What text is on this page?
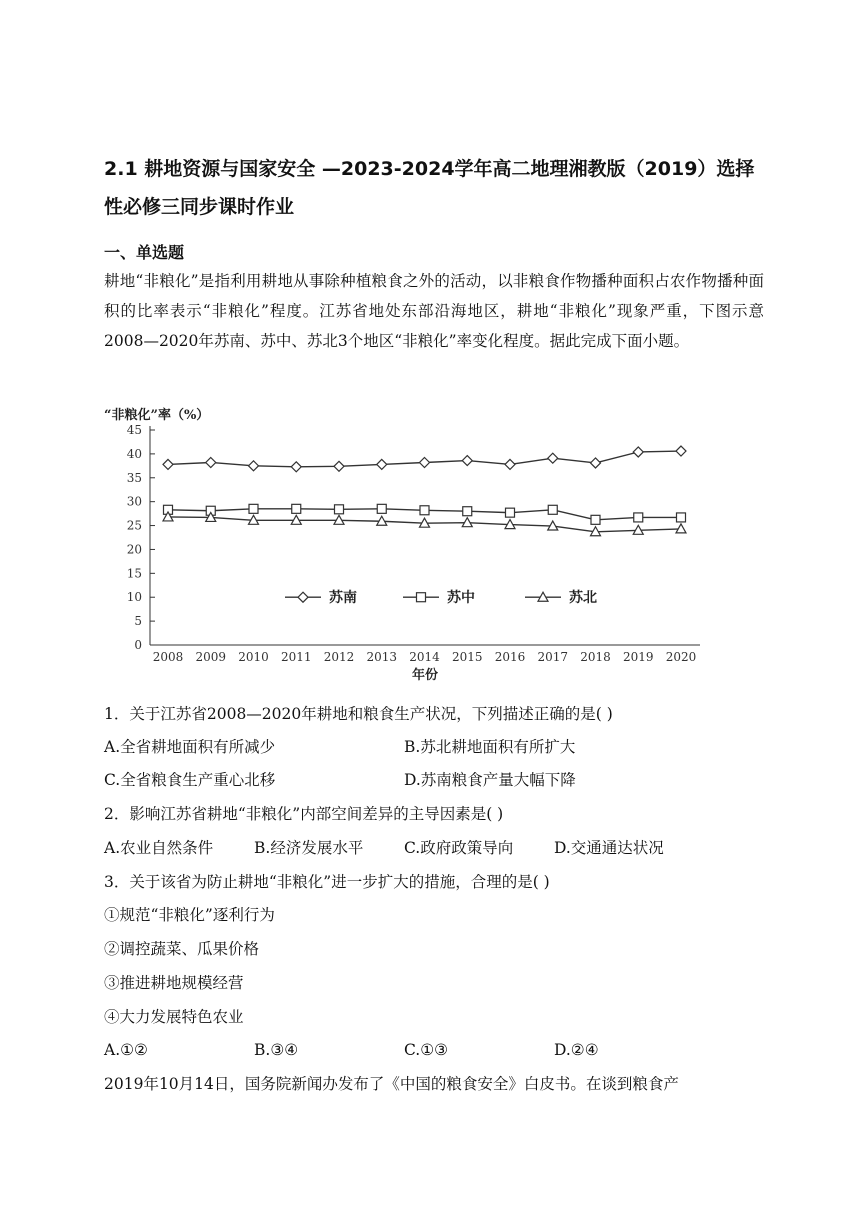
2.1 耕地资源与国家安全 —2023-2024学年高二地理湘教版（2019）选择性必修三同步课时作业
一、单选题

耕地“非粮化”是指利用耕地从事除种植粮食之外的活动，以非粮食作物播种面积占农作物播种面积的比率表示“非粮化”程度。江苏省地处东部沿海地区，耕地“非粮化”现象严重，下图示意2008—2020年苏南、苏中、苏北3个地区“非粮化”率变化程度。据此完成下面小题。

“非粮化”率（%）
0
5
10
15
20
25
30
35
40
45
2008 2009 2010 2011 2012 2013 2014 2015 2016 2017 2018 2019 2020
年份
苏南	苏中	苏北

1．关于江苏省2008—2020年耕地和粮食生产状况，下列描述正确的是( )

A.全省耕地面积有所减少	B.苏北耕地面积有所扩大
C.全省粮食生产重心北移	D.苏南粮食产量大幅下降

2．影响江苏省耕地“非粮化”内部空间差异的主导因素是( )

A.农业自然条件	B.经济发展水平	C.政府政策导向	D.交通通达状况

3．关于该省为防止耕地“非粮化”进一步扩大的措施，合理的是( )

①规范“非粮化”逐利行为

②调控蔬菜、瓜果价格

③推进耕地规模经营

④大力发展特色农业

A.①②	B.③④	C.①③	D.②④

2019年10月14日，国务院新闻办发布了《中国的粮食安全》白皮书。在谈到粮食产
